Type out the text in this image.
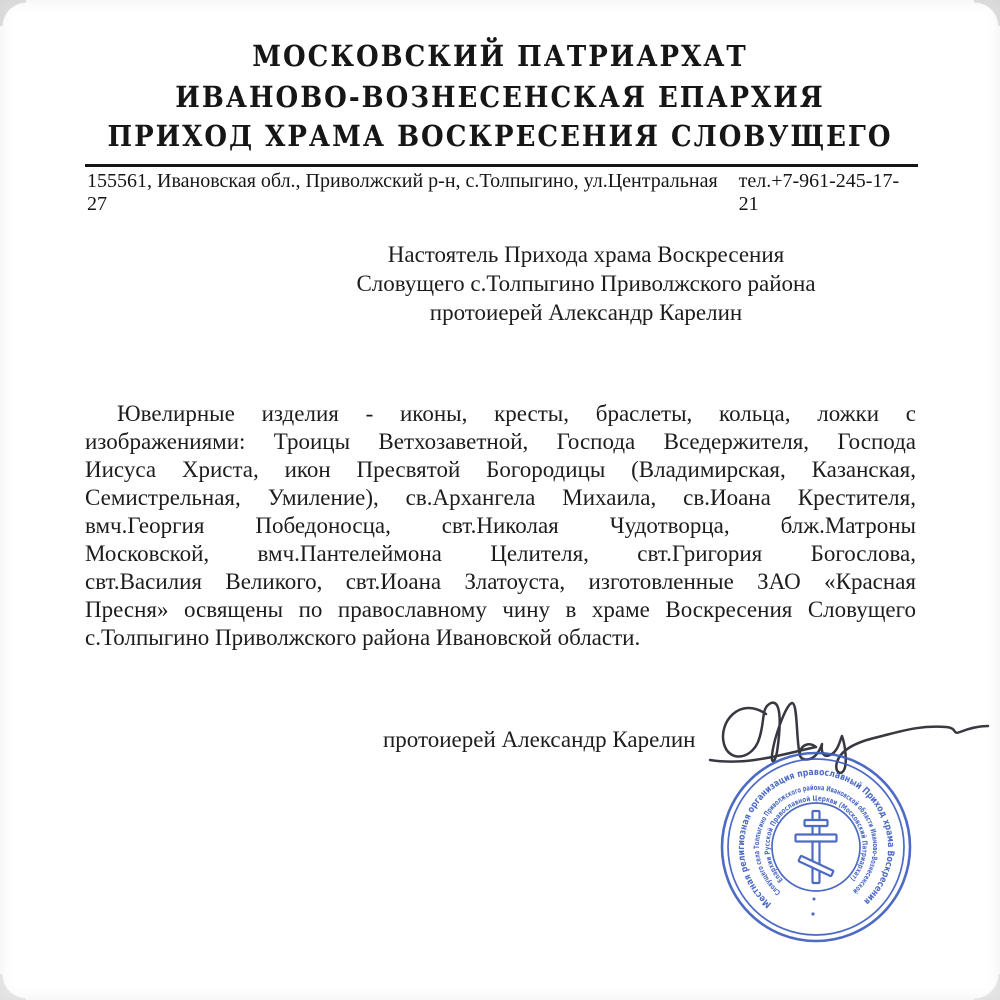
МОСКОВСКИЙ ПАТРИАРХАТ
ИВАНОВО-ВОЗНЕСЕНСКАЯ ЕПАРХИЯ
ПРИХОД ХРАМА ВОСКРЕСЕНИЯ СЛОВУЩЕГО
155561, Ивановская обл., Приволжский р-н, с.Толпыгино, ул.Центральная 27
тел.+7-961-245-17-21
Настоятель Прихода храма Воскресения
Словущего с.Толпыгино Приволжского района
протоиерей Александр Карелин
Ювелирные изделия - иконы, кресты, браслеты, кольца, ложки с
изображениями: Троицы Ветхозаветной, Господа Вседержителя, Господа
Иисуса Христа, икон Пресвятой Богородицы (Владимирская, Казанская,
Семистрельная, Умиление), св.Архангела Михаила, св.Иоана Крестителя,
вмч.Георгия Победоносца, свт.Николая Чудотворца, блж.Матроны
Московской, вмч.Пантелеймона Целителя, свт.Григория Богослова,
свт.Василия Великого, свт.Иоана Златоуста, изготовленные ЗАО «Красная
Пресня» освящены по православному чину в храме Воскресения Словущего
с.Толпыгино Приволжского района Ивановской области.
протоиерей Александр Карелин
Местная религиозная организация православный Приход храма Воскресения
Словущего села Толпыгино Приволжского района Ивановской области Иваново-Вознесенской
Епархии Русской Православной Церкви (Московский Патриархат)
